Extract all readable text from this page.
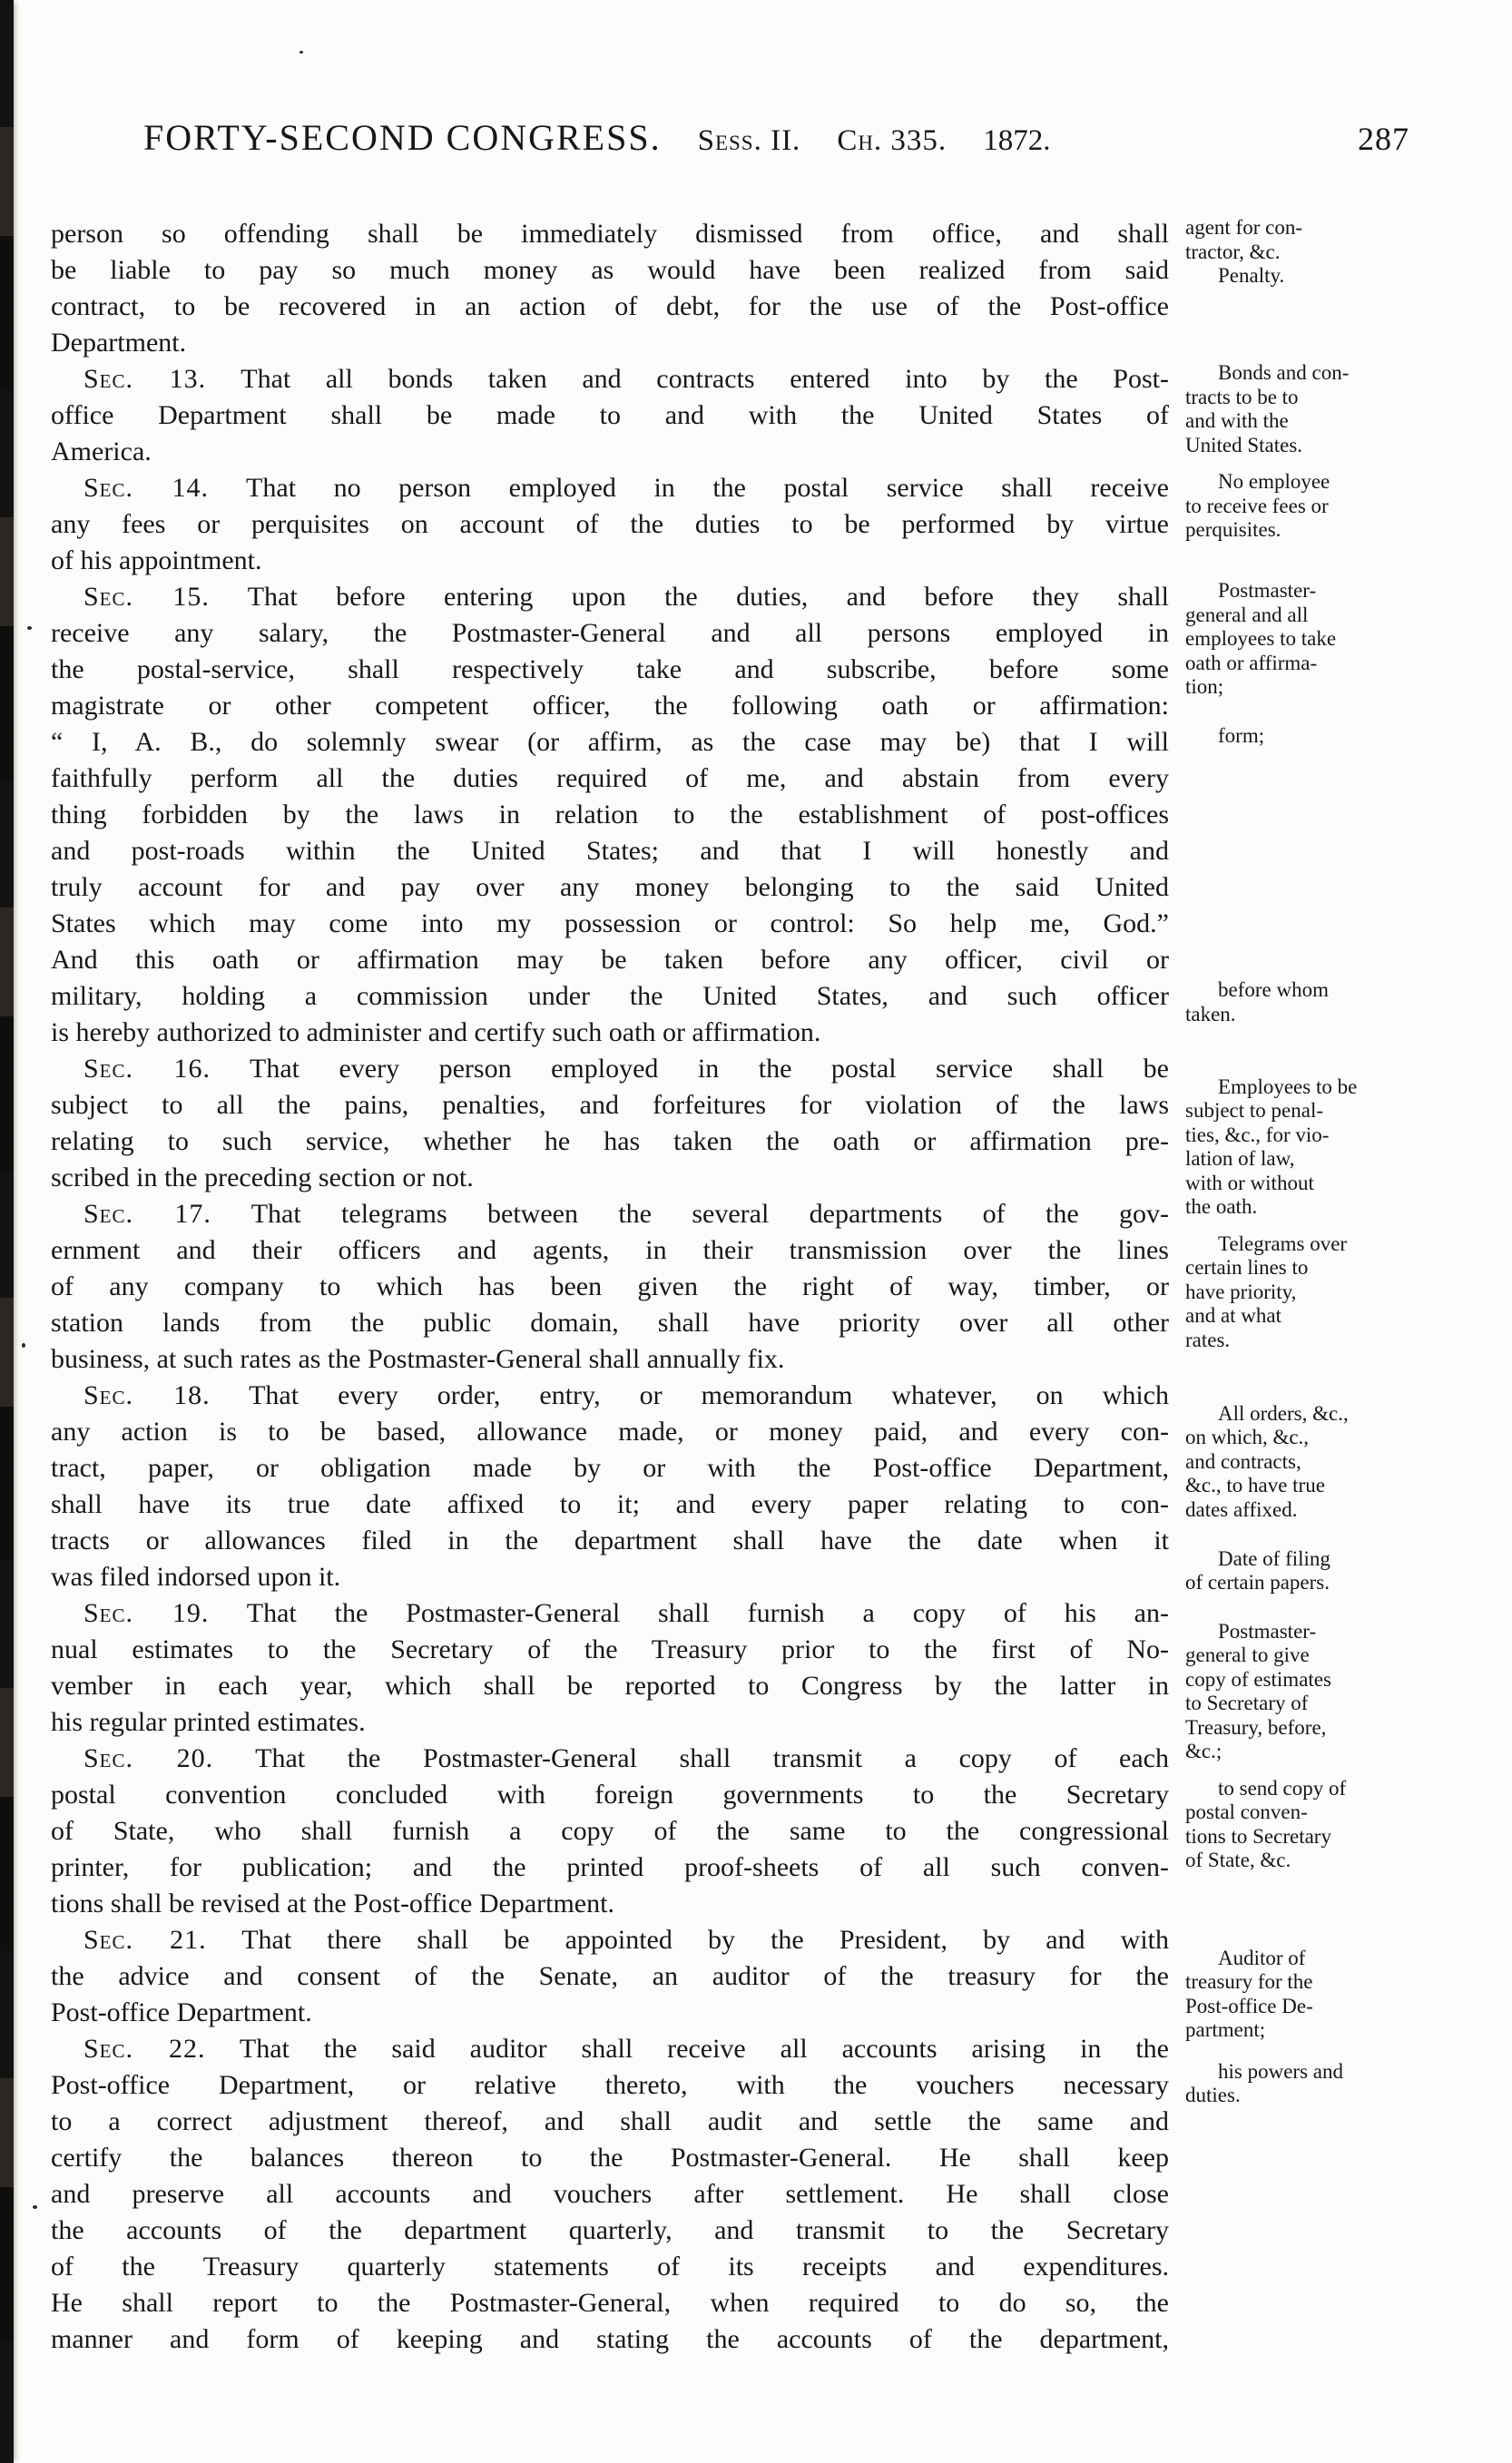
FORTY-SECOND CONGRESS. Sess. II. Ch. 335. 1872.	287
person so offending shall be immediately dismissed from office, and shall
be liable to pay so much money as would have been realized from said
contract, to be recovered in an action of debt, for the use of the Post-office
Department.
Sec. 13. That all bonds taken and contracts entered into by the Post-
office Department shall be made to and with the United States of
America.
Sec. 14. That no person employed in the postal service shall receive
any fees or perquisites on account of the duties to be performed by virtue
of his appointment.
Sec. 15. That before entering upon the duties, and before they shall
receive any salary, the Postmaster-General and all persons employed in
the postal-service, shall respectively take and subscribe, before some
magistrate or other competent officer, the following oath or affirmation:
“ I, A. B., do solemnly swear (or affirm, as the case may be) that I will
faithfully perform all the duties required of me, and abstain from every
thing forbidden by the laws in relation to the establishment of post-offices
and post-roads within the United States; and that I will honestly and
truly account for and pay over any money belonging to the said United
States which may come into my possession or control: So help me, God.”
And this oath or affirmation may be taken before any officer, civil or
military, holding a commission under the United States, and such officer
is hereby authorized to administer and certify such oath or affirmation.
Sec. 16. That every person employed in the postal service shall be
subject to all the pains, penalties, and forfeitures for violation of the laws
relating to such service, whether he has taken the oath or affirmation pre-
scribed in the preceding section or not.
Sec. 17. That telegrams between the several departments of the gov-
ernment and their officers and agents, in their transmission over the lines
of any company to which has been given the right of way, timber, or
station lands from the public domain, shall have priority over all other
business, at such rates as the Postmaster-General shall annually fix.
Sec. 18. That every order, entry, or memorandum whatever, on which
any action is to be based, allowance made, or money paid, and every con-
tract, paper, or obligation made by or with the Post-office Department,
shall have its true date affixed to it; and every paper relating to con-
tracts or allowances filed in the department shall have the date when it
was filed indorsed upon it.
Sec. 19. That the Postmaster-General shall furnish a copy of his an-
nual estimates to the Secretary of the Treasury prior to the first of No-
vember in each year, which shall be reported to Congress by the latter in
his regular printed estimates.
Sec. 20. That the Postmaster-General shall transmit a copy of each
postal convention concluded with foreign governments to the Secretary
of State, who shall furnish a copy of the same to the congressional
printer, for publication; and the printed proof-sheets of all such conven-
tions shall be revised at the Post-office Department.
Sec. 21. That there shall be appointed by the President, by and with
the advice and consent of the Senate, an auditor of the treasury for the
Post-office Department.
Sec. 22. That the said auditor shall receive all accounts arising in the
Post-office Department, or relative thereto, with the vouchers necessary
to a correct adjustment thereof, and shall audit and settle the same and
certify the balances thereon to the Postmaster-General. He shall keep
and preserve all accounts and vouchers after settlement. He shall close
the accounts of the department quarterly, and transmit to the Secretary
of the Treasury quarterly statements of its receipts and expenditures.
He shall report to the Postmaster-General, when required to do so, the
manner and form of keeping and stating the accounts of the department,
agent for con-
tractor, &c.
Penalty.
Bonds and con-
tracts to be to
and with the
United States.
No employee
to receive fees or
perquisites.
Postmaster-
general and all
employees to take
oath or affirma-
tion;
form;
before whom
taken.
Employees to be
subject to penal-
ties, &c., for vio-
lation of law,
with or without
the oath.
Telegrams over
certain lines to
have priority,
and at what
rates.
All orders, &c.,
on which, &c.,
and contracts,
&c., to have true
dates affixed.
Date of filing
of certain papers.
Postmaster-
general to give
copy of estimates
to Secretary of
Treasury, before,
&c.;
to send copy of
postal conven-
tions to Secretary
of State, &c.
Auditor of
treasury for the
Post-office De-
partment;
his powers and
duties.
